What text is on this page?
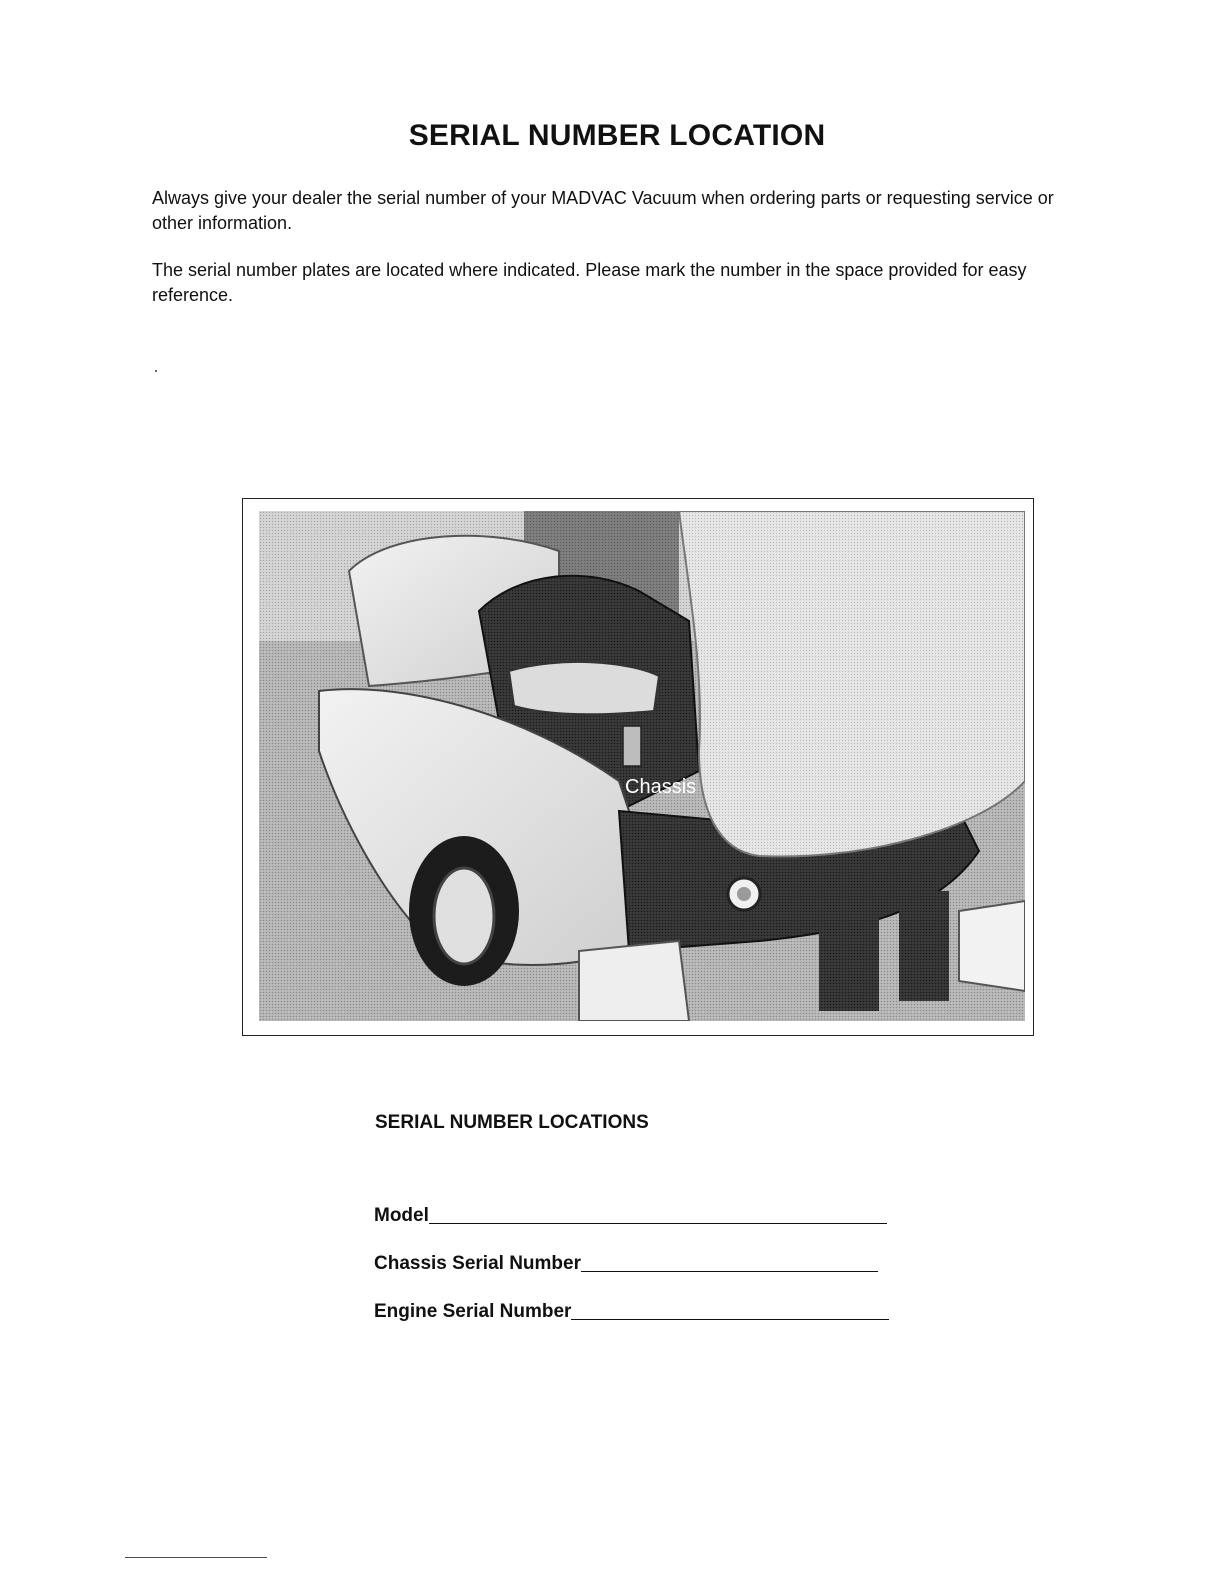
SERIAL NUMBER LOCATION
Always give your dealer the serial number of your MADVAC Vacuum when ordering parts or requesting service or other information.
The serial number plates are located where indicated. Please mark the number in the space provided for easy reference.
Chassis
SERIAL NUMBER LOCATIONS
Model
Chassis Serial Number
Engine Serial Number
